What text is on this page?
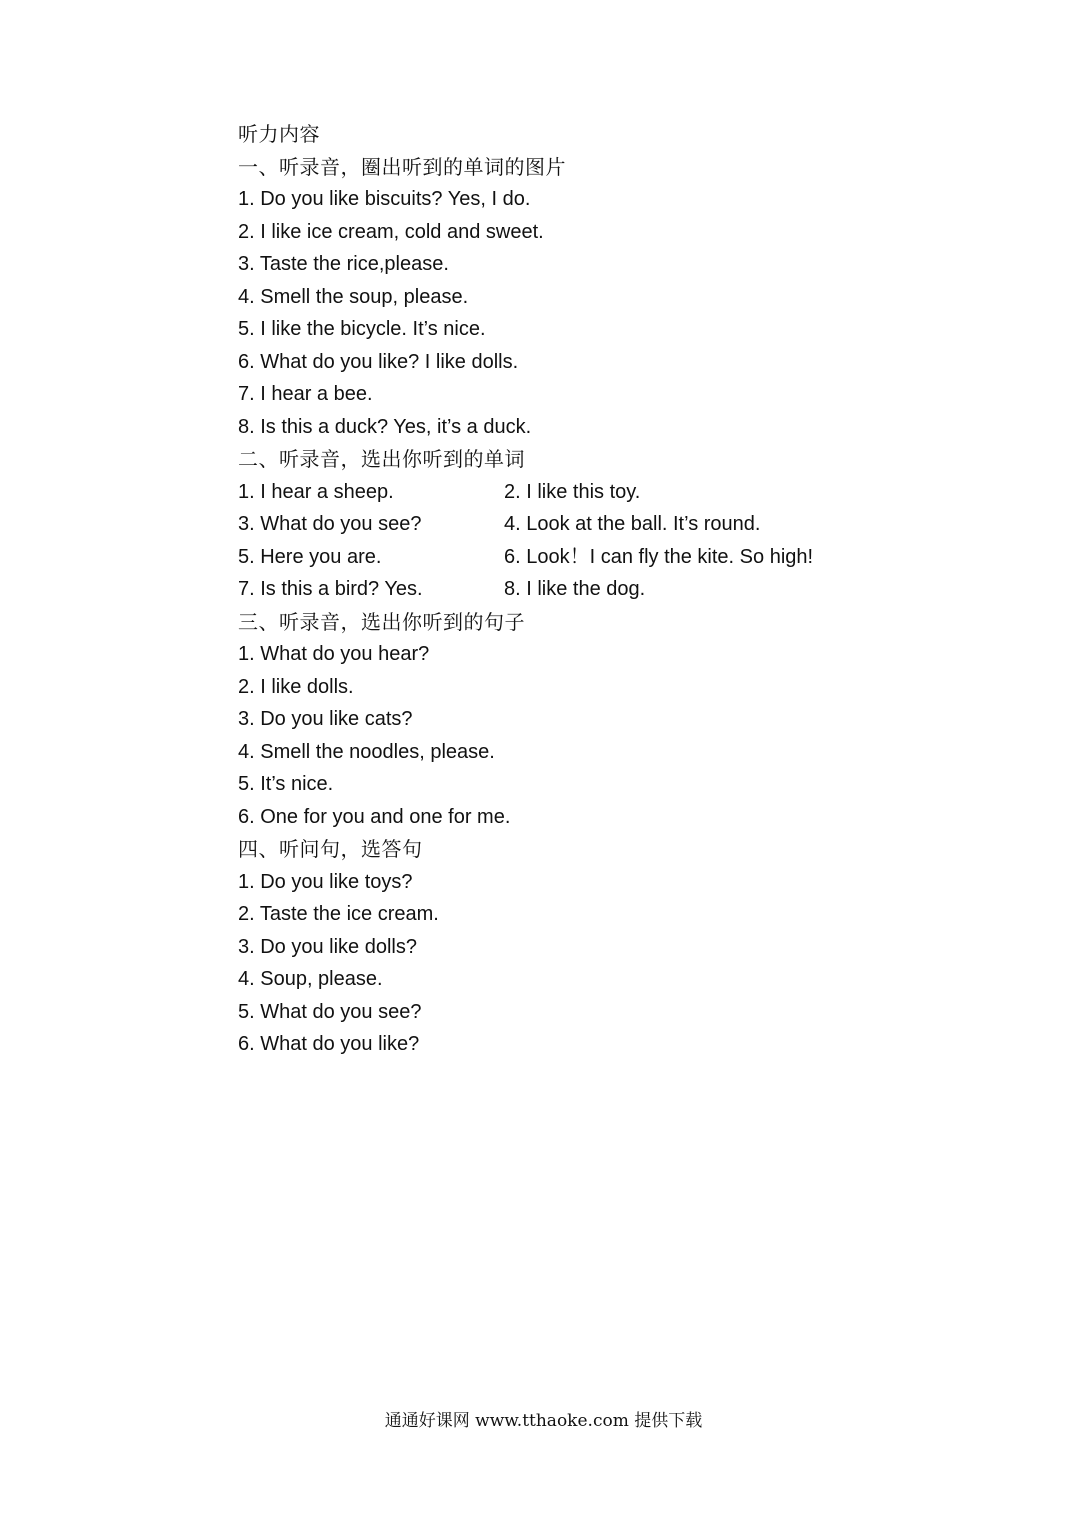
听力内容
一、听录音，圈出听到的单词的图片
1. Do you like biscuits? Yes, I do.
2. I like ice cream, cold and sweet.
3. Taste the rice,please.
4. Smell the soup, please.
5. I like the bicycle. It’s nice.
6. What do you like? I like dolls.
7. I hear a bee.
8. Is this a duck? Yes, it’s a duck.
二、听录音，选出你听到的单词
1. I hear a sheep.	2. I like this toy.
3. What do you see?	4. Look at the ball. It’s round.
5. Here you are.	6. Look！I can fly the kite. So high!
7. Is this a bird? Yes.	8. I like the dog.
三、听录音，选出你听到的句子
1. What do you hear?
2. I like dolls.
3. Do you like cats?
4. Smell the noodles, please.
5. It’s nice.
6. One for you and one for me.
四、听问句，选答句
1. Do you like toys?
2. Taste the ice cream.
3. Do you like dolls?
4. Soup, please.
5. What do you see?
6. What do you like?
通通好课网 www.tthaoke.com 提供下载
